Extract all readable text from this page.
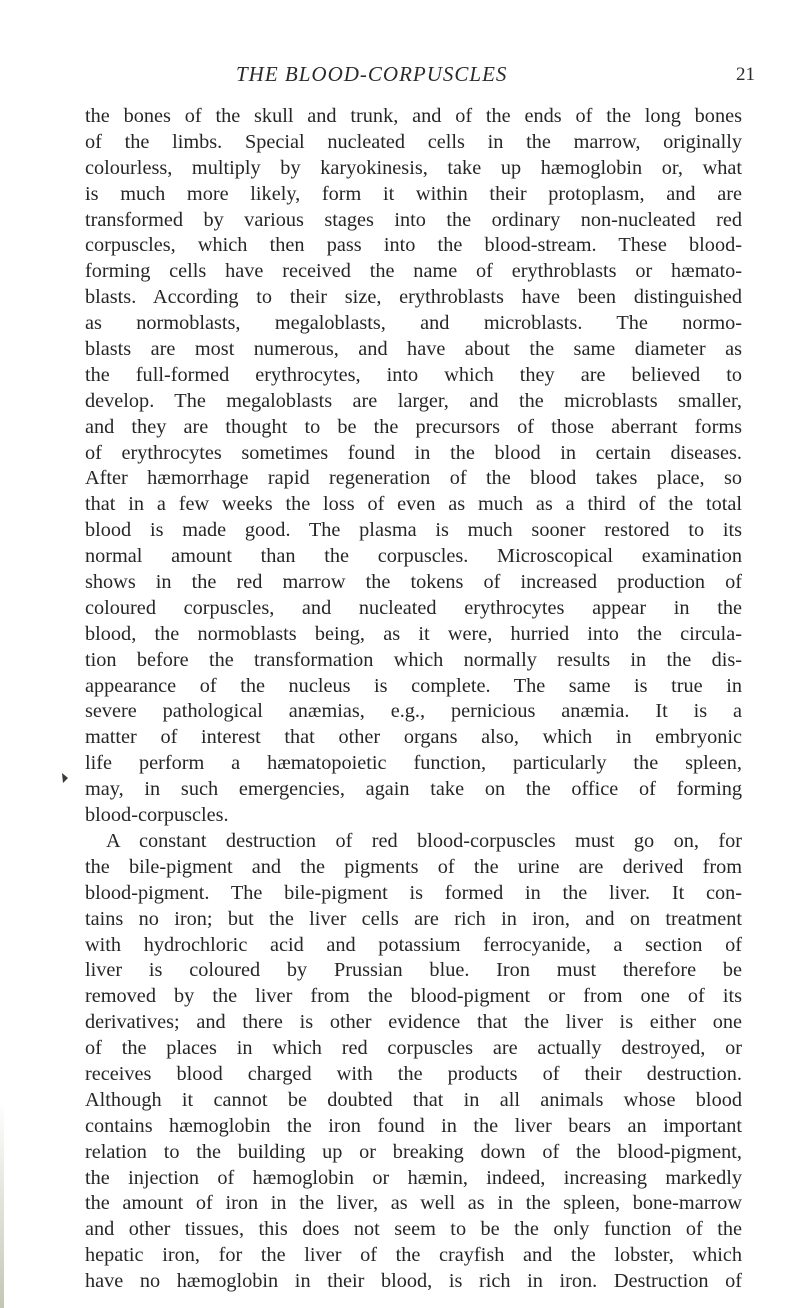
THE BLOOD-CORPUSCLES	21
the bones of the skull and trunk, and of the ends of the long bones
of the limbs. Special nucleated cells in the marrow, originally
colourless, multiply by karyokinesis, take up hæmoglobin or, what
is much more likely, form it within their protoplasm, and are
transformed by various stages into the ordinary non-nucleated red
corpuscles, which then pass into the blood-stream. These blood-
forming cells have received the name of erythroblasts or hæmato-
blasts. According to their size, erythroblasts have been distinguished
as normoblasts, megaloblasts, and microblasts. The normo-
blasts are most numerous, and have about the same diameter as
the full-formed erythrocytes, into which they are believed to
develop. The megaloblasts are larger, and the microblasts smaller,
and they are thought to be the precursors of those aberrant forms
of erythrocytes sometimes found in the blood in certain diseases.
After hæmorrhage rapid regeneration of the blood takes place, so
that in a few weeks the loss of even as much as a third of the total
blood is made good. The plasma is much sooner restored to its
normal amount than the corpuscles. Microscopical examination
shows in the red marrow the tokens of increased production of
coloured corpuscles, and nucleated erythrocytes appear in the
blood, the normoblasts being, as it were, hurried into the circula-
tion before the transformation which normally results in the dis-
appearance of the nucleus is complete. The same is true in
severe pathological anæmias, e.g., pernicious anæmia. It is a
matter of interest that other organs also, which in embryonic
life perform a hæmatopoietic function, particularly the spleen,
may, in such emergencies, again take on the office of forming
blood-corpuscles.
A constant destruction of red blood-corpuscles must go on, for
the bile-pigment and the pigments of the urine are derived from
blood-pigment. The bile-pigment is formed in the liver. It con-
tains no iron; but the liver cells are rich in iron, and on treatment
with hydrochloric acid and potassium ferrocyanide, a section of
liver is coloured by Prussian blue. Iron must therefore be
removed by the liver from the blood-pigment or from one of its
derivatives; and there is other evidence that the liver is either one
of the places in which red corpuscles are actually destroyed, or
receives blood charged with the products of their destruction.
Although it cannot be doubted that in all animals whose blood
contains hæmoglobin the iron found in the liver bears an important
relation to the building up or breaking down of the blood-pigment,
the injection of hæmoglobin or hæmin, indeed, increasing markedly
the amount of iron in the liver, as well as in the spleen, bone-marrow
and other tissues, this does not seem to be the only function of the
hepatic iron, for the liver of the crayfish and the lobster, which
have no hæmoglobin in their blood, is rich in iron. Destruction of
